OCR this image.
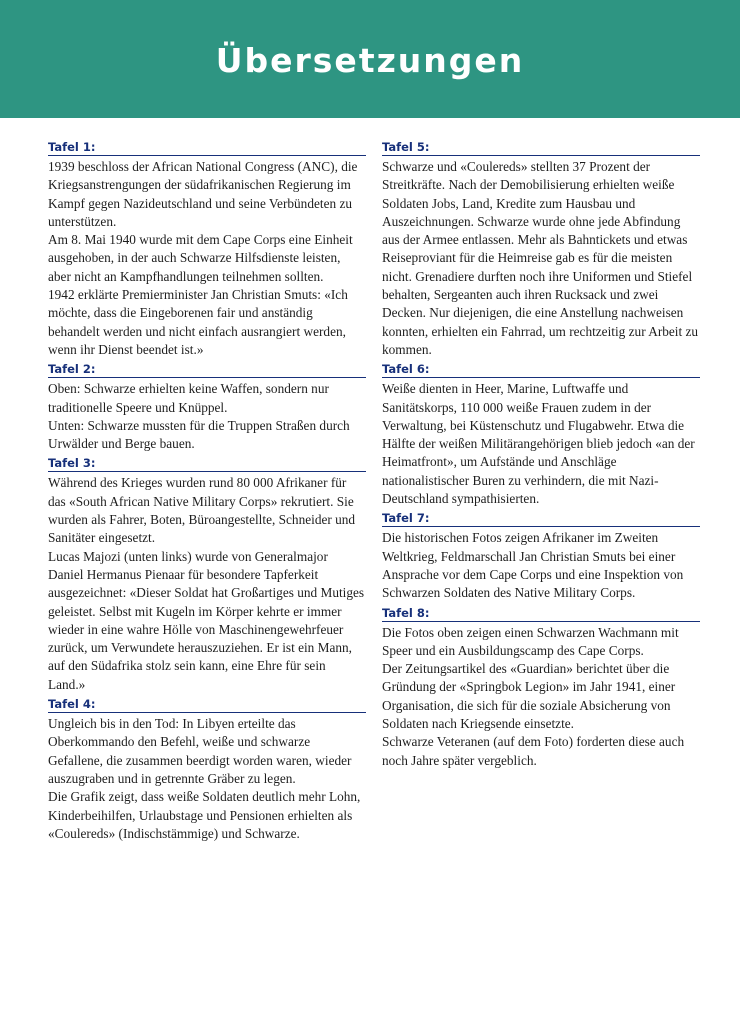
Übersetzungen
Tafel 1:

1939 beschloss der African National Congress (ANC), die Kriegsanstrengungen der südafrikanischen Regierung im Kampf gegen Nazideutschland und seine Verbündeten zu unterstützen.

Am 8. Mai 1940 wurde mit dem Cape Corps eine Einheit ausgehoben, in der auch Schwarze Hilfsdienste leisten, aber nicht an Kampfhandlungen teilnehmen sollten.

1942 erklärte Premierminister Jan Christian Smuts: «Ich möchte, dass die Eingeborenen fair und anständig behandelt werden und nicht einfach ausrangiert werden, wenn ihr Dienst beendet ist.»

Tafel 2:

Oben: Schwarze erhielten keine Waffen, sondern nur traditionelle Speere und Knüppel.

Unten: Schwarze mussten für die Truppen Straßen durch Urwälder und Berge bauen.

Tafel 3:

Während des Krieges wurden rund 80 000 Afrikaner für das «South African Native Military Corps» rekrutiert. Sie wurden als Fahrer, Boten, Büroangestellte, Schneider und Sanitäter eingesetzt.

Lucas Majozi (unten links) wurde von Generalmajor Daniel Hermanus Pienaar für besondere Tapferkeit ausgezeichnet: «Dieser Soldat hat Großartiges und Mutiges geleistet. Selbst mit Kugeln im Körper kehrte er immer wieder in eine wahre Hölle von Maschinengewehrfeuer zurück, um Verwundete herauszuziehen. Er ist ein Mann, auf den Südafrika stolz sein kann, eine Ehre für sein Land.»

Tafel 4:

Ungleich bis in den Tod: In Libyen erteilte das Oberkommando den Befehl, weiße und schwarze Gefallene, die zusammen beerdigt worden waren, wieder auszugraben und in getrennte Gräber zu legen.

Die Grafik zeigt, dass weiße Soldaten deutlich mehr Lohn, Kinderbeihilfen, Urlaubstage und Pensionen erhielten als «Coulereds» (Indischstämmige) und Schwarze.

Tafel 5:

Schwarze und «Coulereds» stellten 37 Prozent der Streitkräfte. Nach der Demobilisierung erhielten weiße Soldaten Jobs, Land, Kredite zum Hausbau und Auszeichnungen. Schwarze wurde ohne jede Abfindung aus der Armee entlassen. Mehr als Bahntickets und etwas Reiseproviant für die Heimreise gab es für die meisten nicht. Grenadiere durften noch ihre Uniformen und Stiefel behalten, Sergeanten auch ihren Rucksack und zwei Decken. Nur diejenigen, die eine Anstellung nachweisen konnten, erhielten ein Fahrrad, um rechtzeitig zur Arbeit zu kommen.

Tafel 6:

Weiße dienten in Heer, Marine, Luftwaffe und Sanitätskorps, 110 000 weiße Frauen zudem in der Verwaltung, bei Küstenschutz und Flugabwehr. Etwa die Hälfte der weißen Militärangehörigen blieb jedoch «an der Heimatfront», um Aufstände und Anschläge nationalistischer Buren zu verhindern, die mit Nazi-Deutschland sympathisierten.

Tafel 7:

Die historischen Fotos zeigen Afrikaner im Zweiten Weltkrieg, Feldmarschall Jan Christian Smuts bei einer Ansprache vor dem Cape Corps und eine Inspektion von Schwarzen Soldaten des Native Military Corps.

Tafel 8:

Die Fotos oben zeigen einen Schwarzen Wachmann mit Speer und ein Ausbildungscamp des Cape Corps.

Der Zeitungsartikel des «Guardian» berichtet über die Gründung der «Springbok Legion» im Jahr 1941, einer Organisation, die sich für die soziale Absicherung von Soldaten nach Kriegsende einsetzte.

Schwarze Veteranen (auf dem Foto) forderten diese auch noch Jahre später vergeblich.
